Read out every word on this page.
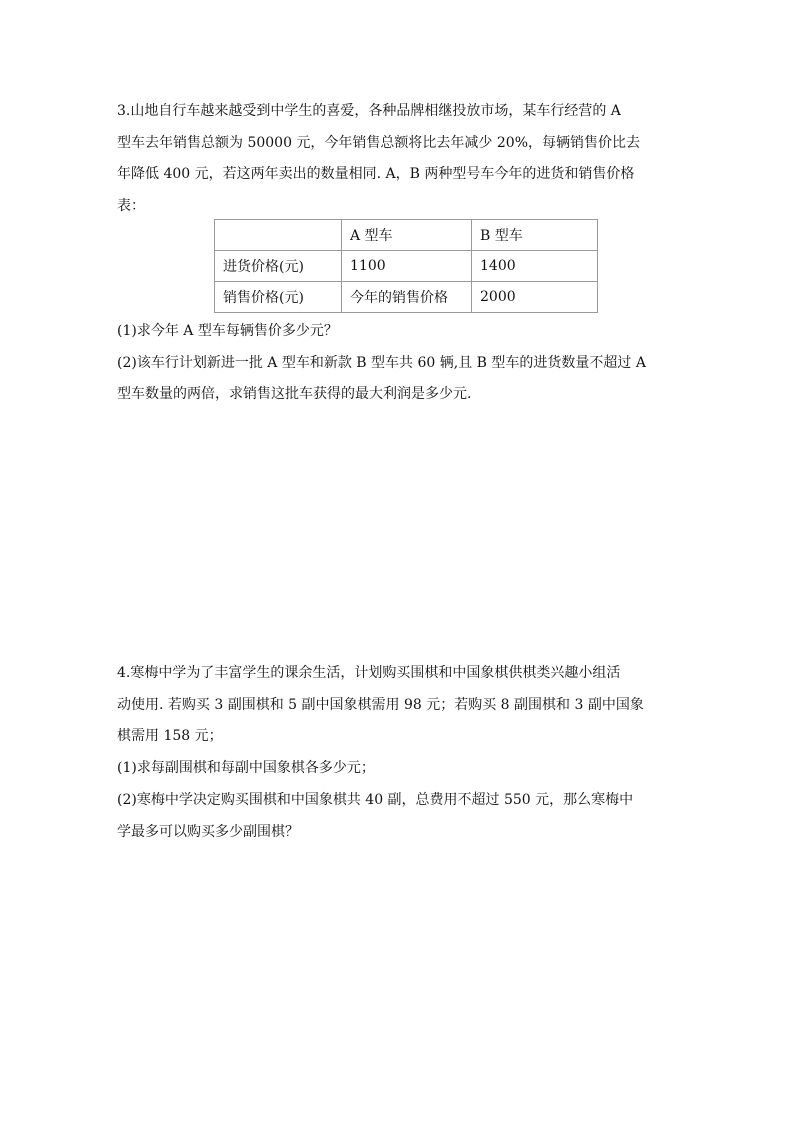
3.山地自行车越来越受到中学生的喜爱，各种品牌相继投放市场，某车行经营的 A
型车去年销售总额为 50000 元，今年销售总额将比去年减少 20%，每辆销售价比去
年降低 400 元，若这两年卖出的数量相同. A，B 两种型号车今年的进货和销售价格
表：

	A 型车	B 型车
进货价格(元)	1100	1400
销售价格(元)	今年的销售价格	2000

(1)求今年 A 型车每辆售价多少元？
(2)该车行计划新进一批 A 型车和新款 B 型车共 60 辆,且 B 型车的进货数量不超过 A
型车数量的两倍，求销售这批车获得的最大利润是多少元.

4.寒梅中学为了丰富学生的课余生活，计划购买围棋和中国象棋供棋类兴趣小组活
动使用. 若购买 3 副围棋和 5 副中国象棋需用 98 元；若购买 8 副围棋和 3 副中国象
棋需用 158 元；
(1)求每副围棋和每副中国象棋各多少元；
(2)寒梅中学决定购买围棋和中国象棋共 40 副，总费用不超过 550 元，那么寒梅中
学最多可以购买多少副围棋？
